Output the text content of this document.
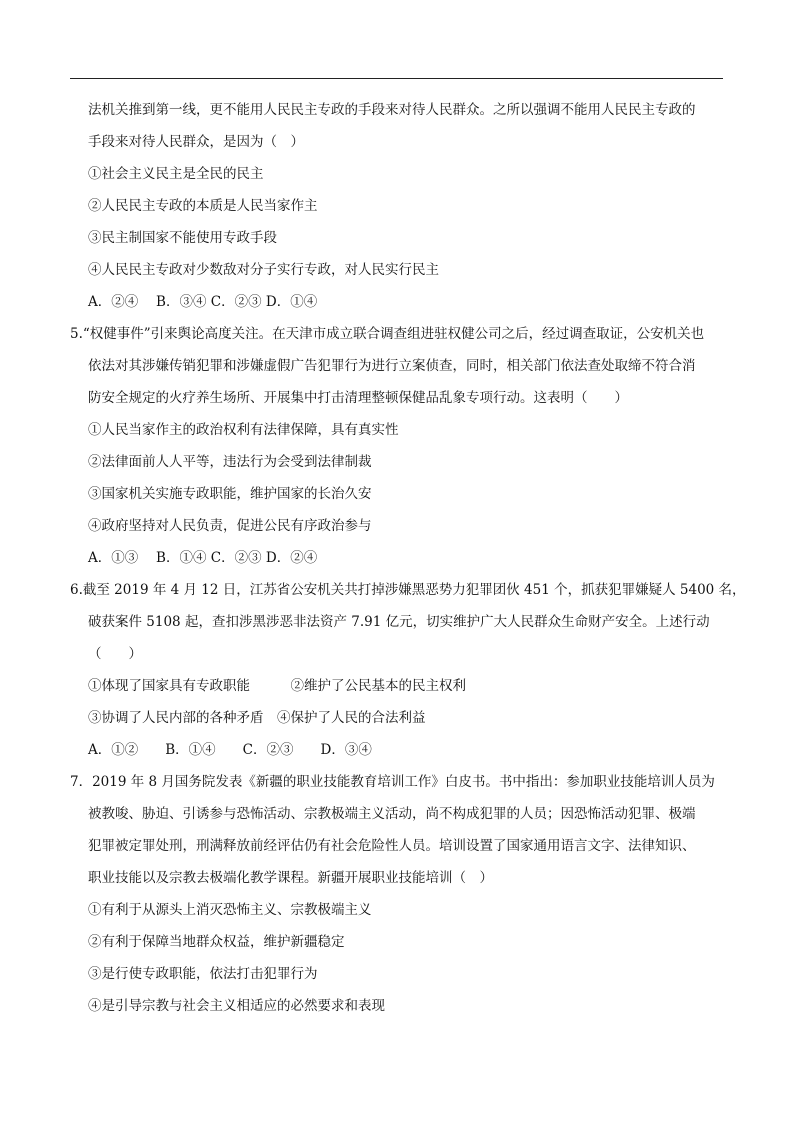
法机关推到第一线，更不能用人民民主专政的手段来对待人民群众。之所以强调不能用人民民主专政的
手段来对待人民群众，是因为（　）
①社会主义民主是全民的民主
②人民民主专政的本质是人民当家作主
③民主制国家不能使用专政手段
④人民民主专政对少数敌对分子实行专政，对人民实行民主
A．②④　 B．③④ C．②③ D．①④
5.“权健事件”引来舆论高度关注。在天津市成立联合调查组进驻权健公司之后，经过调查取证，公安机关也
依法对其涉嫌传销犯罪和涉嫌虚假广告犯罪行为进行立案侦查，同时，相关部门依法查处取缔不符合消
防安全规定的火疗养生场所、开展集中打击清理整顿保健品乱象专项行动。这表明（　　）
①人民当家作主的政治权利有法律保障，具有真实性
②法律面前人人平等，违法行为会受到法律制裁
③国家机关实施专政职能，维护国家的长治久安
④政府坚持对人民负责，促进公民有序政治参与
A．①③　 B．①④ C．②③ D．②④
6.截至 2019 年 4 月 12 日，江苏省公安机关共打掉涉嫌黑恶势力犯罪团伙 451 个，抓获犯罪嫌疑人 5400 名，
破获案件 5108 起，查扣涉黑涉恶非法资产 7.91 亿元，切实维护广大人民群众生命财产安全。上述行动
（　　）
①体现了国家具有专政职能　　　②维护了公民基本的民主权利
③协调了人民内部的各种矛盾　④保护了人民的合法利益
A．①②　　B．①④　　C．②③　　D．③④
7．2019 年 8 月国务院发表《新疆的职业技能教育培训工作》白皮书。书中指出：参加职业技能培训人员为
被教唆、胁迫、引诱参与恐怖活动、宗教极端主义活动，尚不构成犯罪的人员；因恐怖活动犯罪、极端
犯罪被定罪处刑，刑满释放前经评估仍有社会危险性人员。培训设置了国家通用语言文字、法律知识、
职业技能以及宗教去极端化教学课程。新疆开展职业技能培训（　）
①有利于从源头上消灭恐怖主义、宗教极端主义
②有利于保障当地群众权益，维护新疆稳定
③是行使专政职能，依法打击犯罪行为
④是引导宗教与社会主义相适应的必然要求和表现
